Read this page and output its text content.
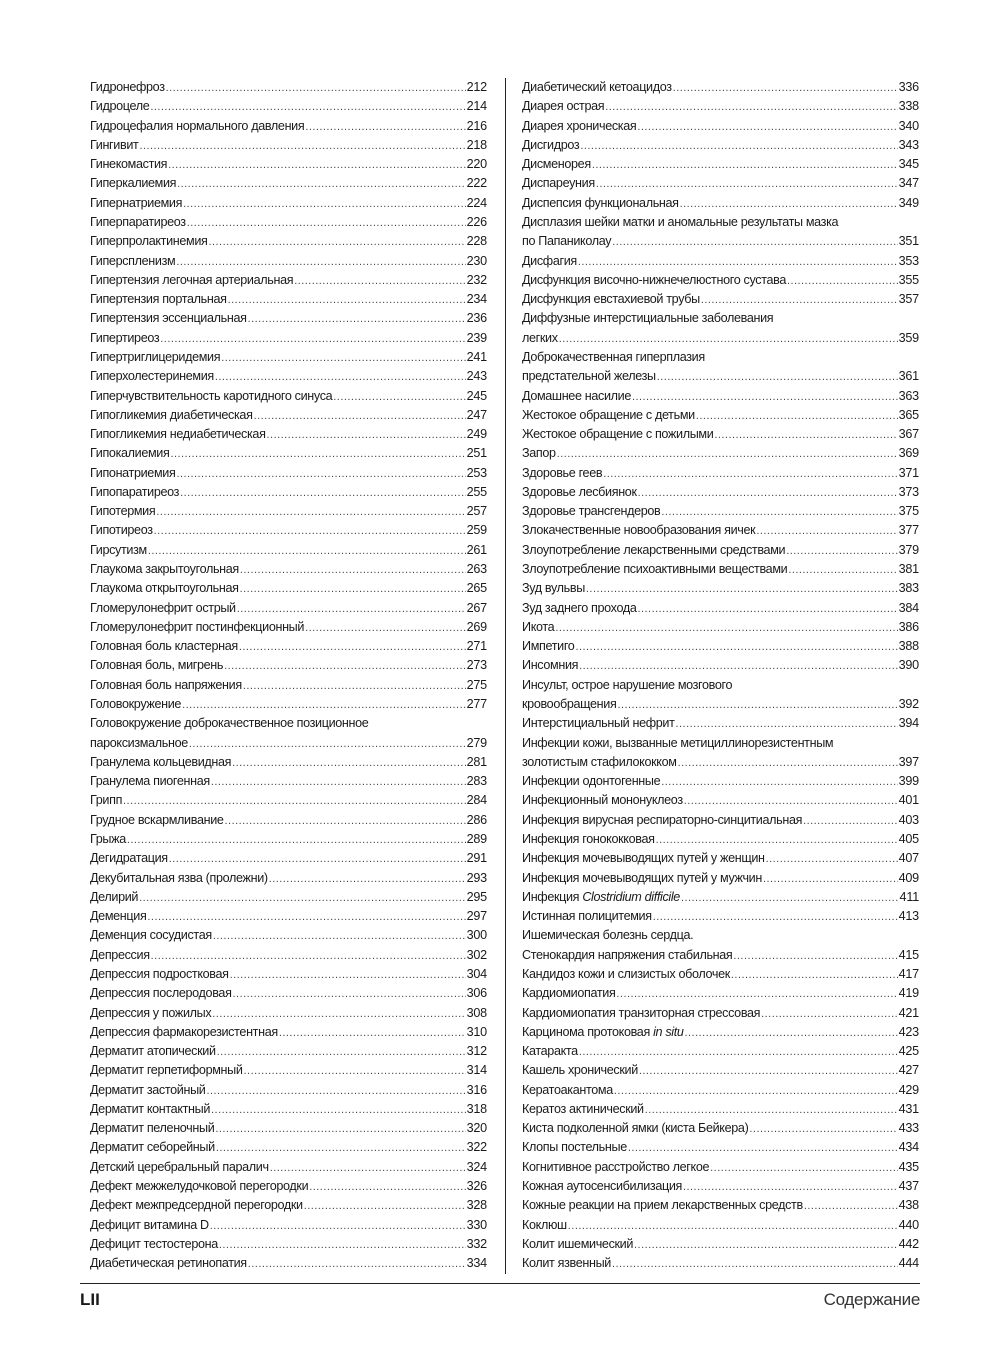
Гидронефроз . . .	212
Гидроцеле . . .	214
Гидроцефалия нормального давления . . .	216
Гингивит . . .	218
Гинекомастия . . .	220
Гиперкалиемия . . .	222
Гипернатриемия . . .	224
Гиперпаратиреоз . . .	226
Гиперпролактинемия . . .	228
Гиперспленизм . . .	230
Гипертензия легочная артериальная . . .	232
Гипертензия портальная . . .	234
Гипертензия эссенциальная . . .	236
Гипертиреоз . . .	239
Гипертриглицеридемия . . .	241
Гиперхолестеринемия . . .	243
Гиперчувствительность каротидного синуса . . .	245
Гипогликемия диабетическая . . .	247
Гипогликемия недиабетическая . . .	249
Гипокалиемия . . .	251
Гипонатриемия . . .	253
Гипопаратиреоз . . .	255
Гипотермия . . .	257
Гипотиреоз . . .	259
Гирсутизм . . .	261
Глаукома закрытоугольная . . .	263
Глаукома открытоугольная . . .	265
Гломерулонефрит острый . . .	267
Гломерулонефрит постинфекционный . . .	269
Головная боль кластерная . . .	271
Головная боль, мигрень . . .	273
Головная боль напряжения . . .	275
Головокружение . . .	277
Головокружение доброкачественное позиционное
пароксизмальное . . .	279
Гранулема кольцевидная . . .	281
Гранулема пиогенная . . .	283
Грипп . . .	284
Грудное вскармливание . . .	286
Грыжа . . .	289
Дегидратация . . .	291
Декубитальная язва (пролежни) . . .	293
Делирий . . .	295
Деменция . . .	297
Деменция сосудистая . . .	300
Депрессия . . .	302
Депрессия подростковая . . .	304
Депрессия послеродовая . . .	306
Депрессия у пожилых . . .	308
Депрессия фармакорезистентная . . .	310
Дерматит атопический . . .	312
Дерматит герпетиформный . . .	314
Дерматит застойный . . .	316
Дерматит контактный . . .	318
Дерматит пеленочный . . .	320
Дерматит себорейный . . .	322
Детский церебральный паралич . . .	324
Дефект межжелудочковой перегородки . . .	326
Дефект межпредсердной перегородки . . .	328
Дефицит витамина D . . .	330
Дефицит тестостерона . . .	332
Диабетическая ретинопатия . . .	334
Диабетический кетоацидоз . . .	336
Диарея острая . . .	338
Диарея хроническая . . .	340
Дисгидроз . . .	343
Дисменорея . . .	345
Диспареуния . . .	347
Диспепсия функциональная . . .	349
Дисплазия шейки матки и аномальные результаты мазка
по Папаниколау . . .	351
Дисфагия . . .	353
Дисфункция височно-нижнечелюстного сустава . . .	355
Дисфункция евстахиевой трубы . . .	357
Диффузные интерстициальные заболевания
легких . . .	359
Доброкачественная гиперплазия
предстательной железы . . .	361
Домашнее насилие . . .	363
Жестокое обращение с детьми . . .	365
Жестокое обращение с пожилыми . . .	367
Запор . . .	369
Здоровье геев . . .	371
Здоровье лесбиянок . . .	373
Здоровье трансгендеров . . .	375
Злокачественные новообразования яичек . . .	377
Злоупотребление лекарственными средствами . . .	379
Злоупотребление психоактивными веществами . . .	381
Зуд вульвы . . .	383
Зуд заднего прохода . . .	384
Икота . . .	386
Импетиго . . .	388
Инсомния . . .	390
Инсульт, острое нарушение мозгового
кровообращения . . .	392
Интерстициальный нефрит . . .	394
Инфекции кожи, вызванные метициллинорезистентным
золотистым стафилококком . . .	397
Инфекции одонтогенные . . .	399
Инфекционный мононуклеоз . . .	401
Инфекция вирусная респираторно-синцитиальная . . .	403
Инфекция гонококковая . . .	405
Инфекция мочевыводящих путей у женщин . . .	407
Инфекция мочевыводящих путей у мужчин . . .	409
Инфекция Clostridium difficile . . .	411
Истинная полицитемия . . .	413
Ишемическая болезнь сердца.
Стенокардия напряжения стабильная . . .	415
Кандидоз кожи и слизистых оболочек . . .	417
Кардиомиопатия . . .	419
Кардиомиопатия транзиторная стрессовая . . .	421
Карцинома протоковая in situ . . .	423
Катаракта . . .	425
Кашель хронический . . .	427
Кератоакантома . . .	429
Кератоз актинический . . .	431
Киста подколенной ямки (киста Бейкера) . . .	433
Клопы постельные . . .	434
Когнитивное расстройство легкое . . .	435
Кожная аутосенсибилизация . . .	437
Кожные реакции на прием лекарственных средств . . .	438
Коклюш . . .	440
Колит ишемический . . .	442
Колит язвенный . . .	444
LII	Содержание
